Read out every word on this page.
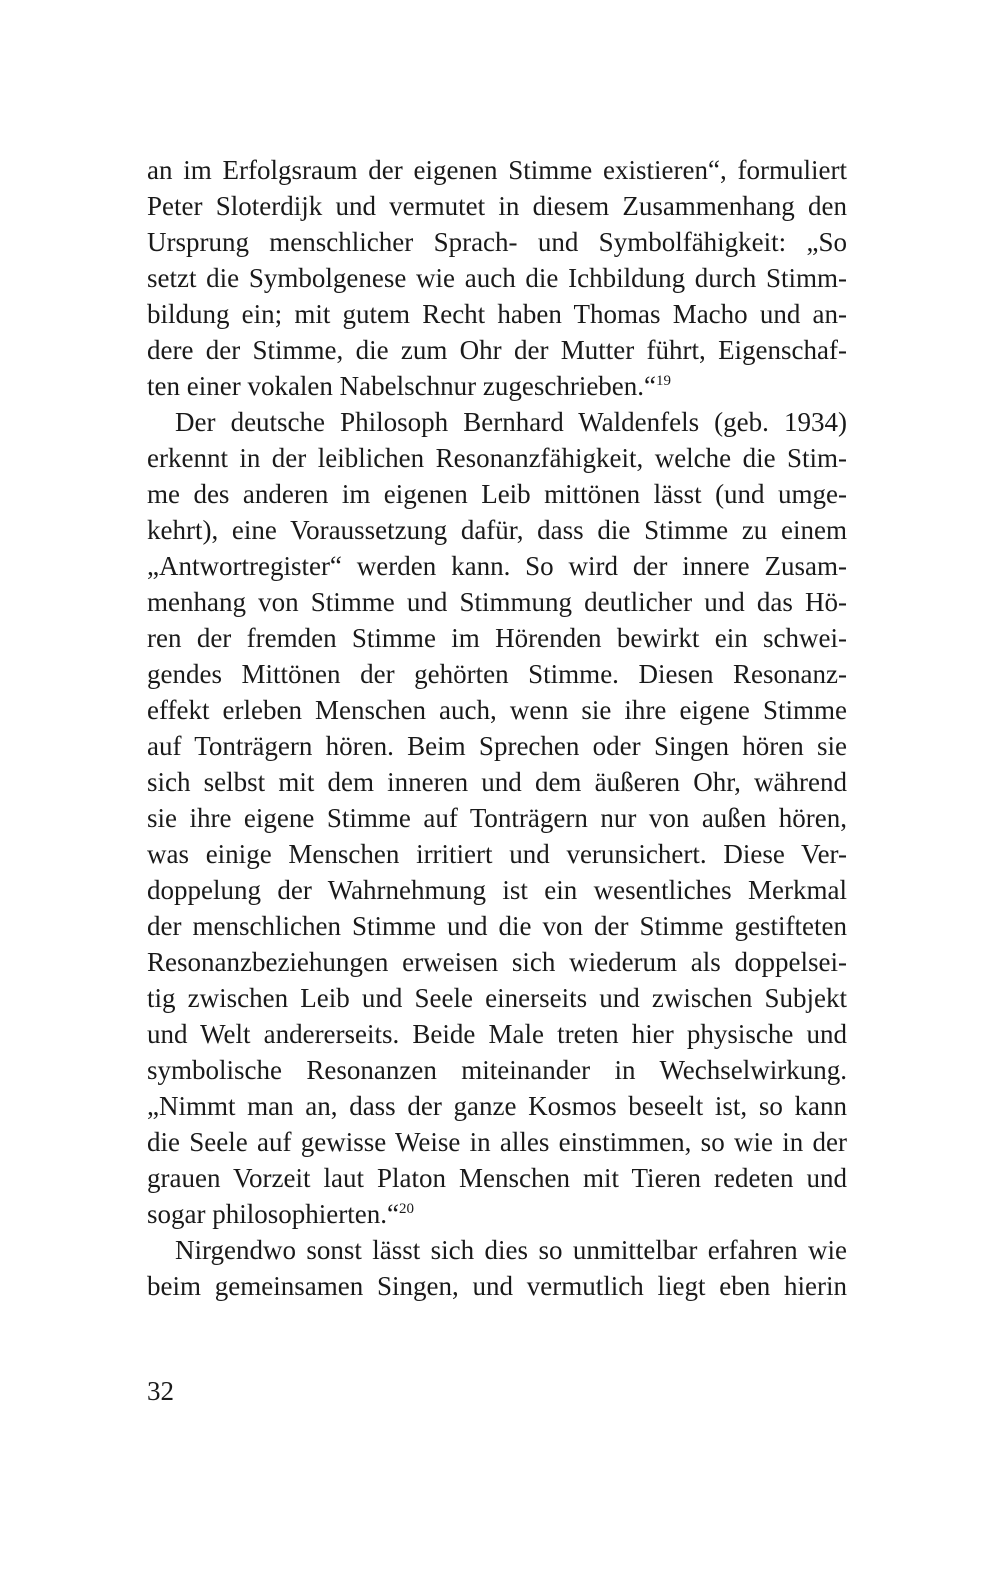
an im Erfolgsraum der eigenen Stimme existieren“, formuliert
Peter Sloterdijk und vermutet in diesem Zusammenhang den
Ursprung menschlicher Sprach- und Symbolfähigkeit: „So
setzt die Symbolgenese wie auch die Ichbildung durch Stimm-
bildung ein; mit gutem Recht haben Thomas Macho und an-
dere der Stimme, die zum Ohr der Mutter führt, Eigenschaf-
ten einer vokalen Nabelschnur zugeschrieben.“$^{19}$
Der deutsche Philosoph Bernhard Waldenfels (geb. 1934)
erkennt in der leiblichen Resonanzfähigkeit, welche die Stim-
me des anderen im eigenen Leib mittönen lässt (und umge-
kehrt), eine Voraussetzung dafür, dass die Stimme zu einem
„Antwortregister“ werden kann. So wird der innere Zusam-
menhang von Stimme und Stimmung deutlicher und das Hö-
ren der fremden Stimme im Hörenden bewirkt ein schwei-
gendes Mittönen der gehörten Stimme. Diesen Resonanz-
effekt erleben Menschen auch, wenn sie ihre eigene Stimme
auf Tonträgern hören. Beim Sprechen oder Singen hören sie
sich selbst mit dem inneren und dem äußeren Ohr, während
sie ihre eigene Stimme auf Tonträgern nur von außen hören,
was einige Menschen irritiert und verunsichert. Diese Ver-
doppelung der Wahrnehmung ist ein wesentliches Merkmal
der menschlichen Stimme und die von der Stimme gestifteten
Resonanzbeziehungen erweisen sich wiederum als doppelsei-
tig zwischen Leib und Seele einerseits und zwischen Subjekt
und Welt andererseits. Beide Male treten hier physische und
symbolische Resonanzen miteinander in Wechselwirkung.
„Nimmt man an, dass der ganze Kosmos beseelt ist, so kann
die Seele auf gewisse Weise in alles einstimmen, so wie in der
grauen Vorzeit laut Platon Menschen mit Tieren redeten und
sogar philosophierten.“$^{20}$
Nirgendwo sonst lässt sich dies so unmittelbar erfahren wie
beim gemeinsamen Singen, und vermutlich liegt eben hierin
32
